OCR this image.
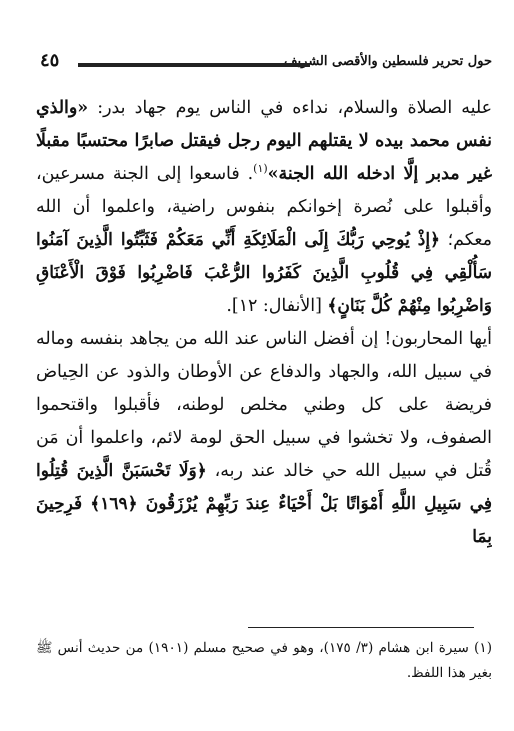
حول تحرير فلسطين والأقصى الشريف
٤٥

عليه الصلاة والسلام، نداءه في الناس يوم جهاد بدر: «والذي نفس محمد بيده لا يقتلهم اليوم رجل فيقتل صابرًا محتسبًا مقبلًا غير مدبر إلَّا ادخله الله الجنة»$^{(١)}$. فاسعوا إلى الجنة مسرعين، وأقبلوا على نُصرة إخوانكم بنفوس راضية، واعلموا أن الله معكم؛ ﴿إِذْ يُوحِي رَبُّكَ إِلَى الْمَلَائِكَةِ أَنِّي مَعَكُمْ فَثَبِّتُوا الَّذِينَ آمَنُوا سَأُلْقِي فِي قُلُوبِ الَّذِينَ كَفَرُوا الرُّعْبَ فَاضْرِبُوا فَوْقَ الْأَعْنَاقِ وَاضْرِبُوا مِنْهُمْ كُلَّ بَنَانٍ﴾ [الأنفال: ١٢].

أيها المحاربون! إن أفضل الناس عند الله من يجاهد بنفسه وماله في سبيل الله، والجهاد والدفاع عن الأوطان والذود عن الحِياض فريضة على كل وطني مخلص لوطنه، فأقبلوا واقتحموا الصفوف، ولا تخشوا في سبيل الحق لومة لائم، واعلموا أن مَن قُتل في سبيل الله حي خالد عند ربه، ﴿وَلَا تَحْسَبَنَّ الَّذِينَ قُتِلُوا فِي سَبِيلِ اللَّهِ أَمْوَاتًا بَلْ أَحْيَاءٌ عِندَ رَبِّهِمْ يُرْزَقُونَ ﴿١٦٩﴾ فَرِحِينَ بِمَا

(١) سيرة ابن هشام (٣/ ١٧٥)، وهو في صحيح مسلم (١٩٠١) من حديث أنس ﷺ بغير هذا اللفظ.
